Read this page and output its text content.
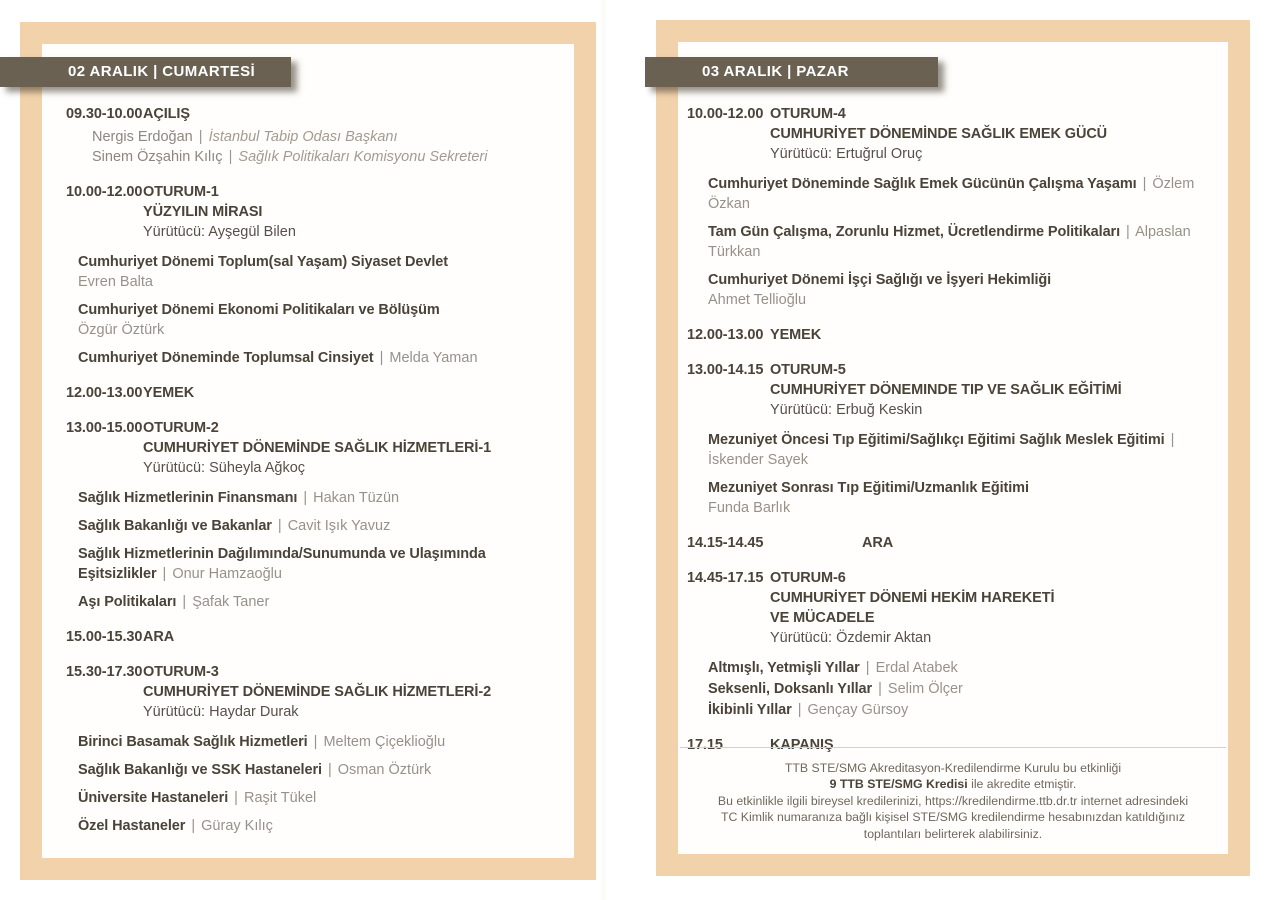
09.30-10.00 AÇILIŞ
Nergis Erdoğan | İstanbul Tabip Odası Başkanı
Sinem Özşahin Kılıç | Sağlık Politikaları Komisyonu Sekreteri
10.00-12.00 OTURUM-1
YÜZYILIN MİRASI
Yürütücü: Ayşegül Bilen
Cumhuriyet Dönemi Toplum(sal Yaşam) Siyaset Devlet
Evren Balta
Cumhuriyet Dönemi Ekonomi Politikaları ve Bölüşüm
Özgür Öztürk
Cumhuriyet Döneminde Toplumsal Cinsiyet | Melda Yaman
12.00-13.00 YEMEK
13.00-15.00 OTURUM-2
CUMHURİYET DÖNEMİNDE SAĞLIK HİZMETLERİ-1
Yürütücü: Süheyla Ağkoç
Sağlık Hizmetlerinin Finansmanı | Hakan Tüzün
Sağlık Bakanlığı ve Bakanlar | Cavit Işık Yavuz
Sağlık Hizmetlerinin Dağılımında/Sunumunda ve Ulaşımında Eşitsizlikler | Onur Hamzaoğlu
Aşı Politikaları | Şafak Taner
15.00-15.30 ARA
15.30-17.30 OTURUM-3
CUMHURİYET DÖNEMİNDE SAĞLIK HİZMETLERİ-2
Yürütücü: Haydar Durak
Birinci Basamak Sağlık Hizmetleri | Meltem Çiçeklioğlu
Sağlık Bakanlığı ve SSK Hastaneleri | Osman Öztürk
Üniversite Hastaneleri | Raşit Tükel
Özel Hastaneler | Güray Kılıç
10.00-12.00 OTURUM-4
CUMHURİYET DÖNEMİNDE SAĞLIK EMEK GÜCÜ
Yürütücü: Ertuğrul Oruç
Cumhuriyet Döneminde Sağlık Emek Gücünün Çalışma Yaşamı | Özlem Özkan
Tam Gün Çalışma, Zorunlu Hizmet, Ücretlendirme Politikaları | Alpaslan Türkkan
Cumhuriyet Dönemi İşçi Sağlığı ve İşyeri Hekimliği
Ahmet Tellioğlu
12.00-13.00 YEMEK
13.00-14.15 OTURUM-5
CUMHURİYET DÖNEMINDE TIP VE SAĞLIK EĞİTİMİ
Yürütücü: Erbuğ Keskin
Mezuniyet Öncesi Tıp Eğitimi/Sağlıkçı Eğitimi Sağlık Meslek Eğitimi | İskender Sayek
Mezuniyet Sonrası Tıp Eğitimi/Uzmanlık Eğitimi
Funda Barlık
14.15-14.45	ARA
14.45-17.15 OTURUM-6
CUMHURİYET DÖNEMİ HEKİM HAREKETİ
VE MÜCADELE
Yürütücü: Özdemir Aktan
Altmışlı, Yetmişli Yıllar | Erdal Atabek
Seksenli, Doksanlı Yıllar | Selim Ölçer
İkibinli Yıllar | Gençay Gürsoy
17.15	KAPANIŞ
TTB STE/SMG Akreditasyon-Kredilendirme Kurulu bu etkinliği
9 TTB STE/SMG Kredisi ile akredite etmiştir.
Bu etkinlikle ilgili bireysel kredilerinizi, https://kredilendirme.ttb.dr.tr internet adresindeki
TC Kimlik numaranıza bağlı kişisel STE/SMG kredilendirme hesabınızdan katıldığınız
toplantıları belirterek alabilirsiniz.
02 ARALIK | CUMARTESİ	03 ARALIK | PAZAR
